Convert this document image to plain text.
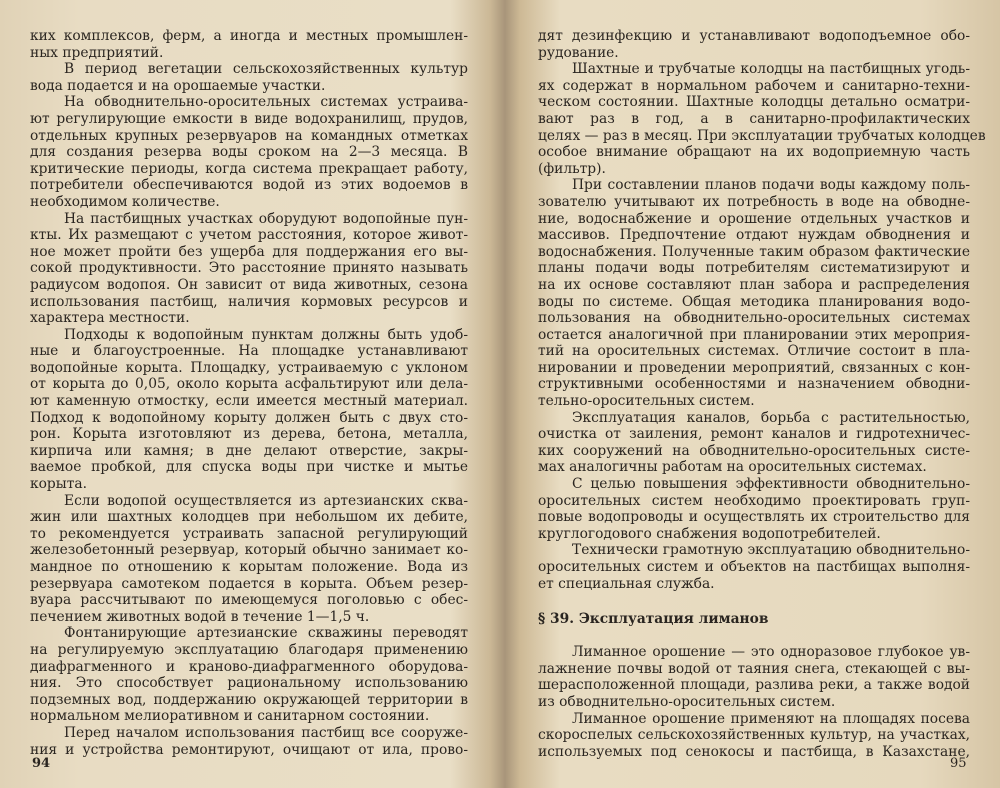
ких комплексов, ферм, а иногда и местных промышлен-
ных предприятий.
В период вегетации сельскохозяйственных культур
вода подается и на орошаемые участки.
На обводнительно-оросительных системах устраива-
ют регулирующие емкости в виде водохранилищ, прудов,
отдельных крупных резервуаров на командных отметках
для создания резерва воды сроком на 2—3 месяца. В
критические периоды, когда система прекращает работу,
потребители обеспечиваются водой из этих водоемов в
необходимом количестве.
На пастбищных участках оборудуют водопойные пун-
кты. Их размещают с учетом расстояния, которое живот-
ное может пройти без ущерба для поддержания его вы-
сокой продуктивности. Это расстояние принято называть
радиусом водопоя. Он зависит от вида животных, сезона
использования пастбищ, наличия кормовых ресурсов и
характера местности.
Подходы к водопойным пунктам должны быть удоб-
ные и благоустроенные. На площадке устанавливают
водопойные корыта. Площадку, устраиваемую с уклоном
от корыта до 0,05, около корыта асфальтируют или дела-
ют каменную отмостку, если имеется местный материал.
Подход к водопойному корыту должен быть с двух сто-
рон. Корыта изготовляют из дерева, бетона, металла,
кирпича или камня; в дне делают отверстие, закры-
ваемое пробкой, для спуска воды при чистке и мытье
корыта.
Если водопой осуществляется из артезианских сква-
жин или шахтных колодцев при небольшом их дебите,
то рекомендуется устраивать запасной регулирующий
железобетонный резервуар, который обычно занимает ко-
мандное по отношению к корытам положение. Вода из
резервуара самотеком подается в корыта. Объем резер-
вуара рассчитывают по имеющемуся поголовью с обес-
печением животных водой в течение 1—1,5 ч.
Фонтанирующие артезианские скважины переводят
на регулируемую эксплуатацию благодаря применению
диафрагменного и краново-диафрагменного оборудова-
ния. Это способствует рациональному использованию
подземных вод, поддержанию окружающей территории в
нормальном мелиоративном и санитарном состоянии.
Перед началом использования пастбищ все сооруже-
ния и устройства ремонтируют, очищают от ила, прово-
94
дят дезинфекцию и устанавливают водоподъемное обо-
рудование.
Шахтные и трубчатые колодцы на пастбищных угодь-
ях содержат в нормальном рабочем и санитарно-техни-
ческом состоянии. Шахтные колодцы детально осматри-
вают раз в год, а в санитарно-профилактических
целях — раз в месяц. При эксплуатации трубчатых колодцев
особое внимание обращают на их водоприемную часть
(фильтр).
При составлении планов подачи воды каждому поль-
зователю учитывают их потребность в воде на обводне-
ние, водоснабжение и орошение отдельных участков и
массивов. Предпочтение отдают нуждам обводнения и
водоснабжения. Полученные таким образом фактические
планы подачи воды потребителям систематизируют и
на их основе составляют план забора и распределения
воды по системе. Общая методика планирования водо-
пользования на обводнительно-оросительных системах
остается аналогичной при планировании этих мероприя-
тий на оросительных системах. Отличие состоит в пла-
нировании и проведении мероприятий, связанных с кон-
структивными особенностями и назначением обводни-
тельно-оросительных систем.
Эксплуатация каналов, борьба с растительностью,
очистка от заиления, ремонт каналов и гидротехничес-
ких сооружений на обводнительно-оросительных систе-
мах аналогичны работам на оросительных системах.
С целью повышения эффективности обводнительно-
оросительных систем необходимо проектировать груп-
повые водопроводы и осуществлять их строительство для
круглогодового снабжения водопотребителей.
Технически грамотную эксплуатацию обводнительно-
оросительных систем и объектов на пастбищах выполня-
ет специальная служба.
§ 39. Эксплуатация лиманов
Лиманное орошение — это одноразовое глубокое ув-
лажнение почвы водой от таяния снега, стекающей с вы-
шерасположенной площади, разлива реки, а также водой
из обводнительно-оросительных систем.
Лиманное орошение применяют на площадях посева
скороспелых сельскохозяйственных культур, на участках,
используемых под сенокосы и пастбища, в Казахстане,
95
